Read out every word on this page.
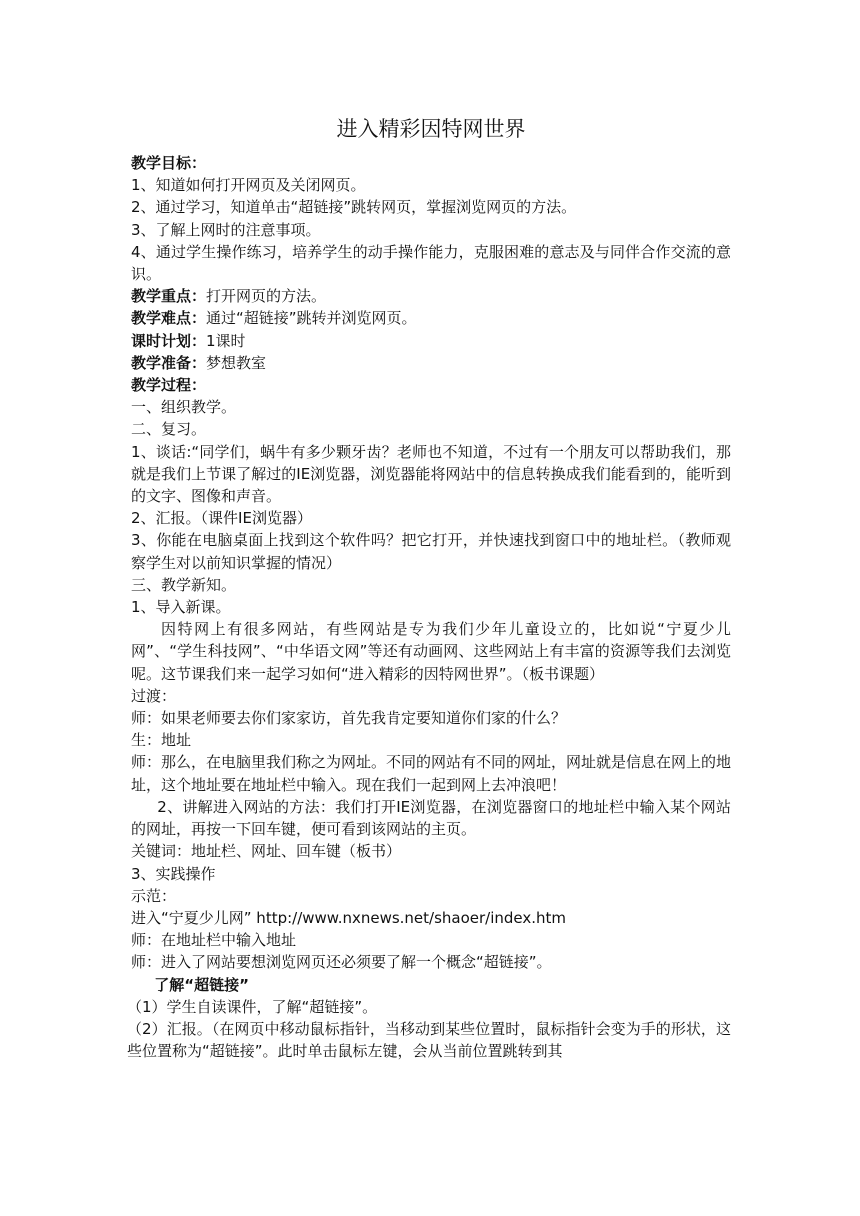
进入精彩因特网世界

教学目标：

1、知道如何打开网页及关闭网页。

2、通过学习，知道单击“超链接”跳转网页，掌握浏览网页的方法。

3、了解上网时的注意事项。

4、通过学生操作练习，培养学生的动手操作能力，克服困难的意志及与同伴合作交流的意识。

教学重点：打开网页的方法。

教学难点：通过“超链接”跳转并浏览网页。

课时计划：1课时

教学准备：梦想教室

教学过程：

一、组织教学。

二、复习。

1、谈话:“同学们，蜗牛有多少颗牙齿？老师也不知道，不过有一个朋友可以帮助我们，那就是我们上节课了解过的IE浏览器，浏览器能将网站中的信息转换成我们能看到的，能听到的文字、图像和声音。

2、汇报。（课件IE浏览器）

3、你能在电脑桌面上找到这个软件吗？把它打开，并快速找到窗口中的地址栏。（教师观察学生对以前知识掌握的情况）

三、教学新知。

1、导入新课。

因特网上有很多网站，有些网站是专为我们少年儿童设立的，比如说“宁夏少儿网”、“学生科技网”、“中华语文网”等还有动画网、这些网站上有丰富的资源等我们去浏览呢。这节课我们来一起学习如何“进入精彩的因特网世界”。（板书课题）

过渡：

师：如果老师要去你们家家访，首先我肯定要知道你们家的什么？

生：地址

师：那么，在电脑里我们称之为网址。不同的网站有不同的网址，网址就是信息在网上的地址，这个地址要在地址栏中输入。现在我们一起到网上去冲浪吧！

2、讲解进入网站的方法：我们打开IE浏览器，在浏览器窗口的地址栏中输入某个网站的网址，再按一下回车键，便可看到该网站的主页。

关键词：地址栏、网址、回车键（板书）

3、实践操作

示范：

进入“宁夏少儿网” http://www.nxnews.net/shaoer/index.htm

师：在地址栏中输入地址

师：进入了网站要想浏览网页还必须要了解一个概念“超链接”。

了解“超链接”

（1）学生自读课件，了解“超链接”。

（2）汇报。（在网页中移动鼠标指针，当移动到某些位置时，鼠标指针会变为手的形状，这些位置称为“超链接”。此时单击鼠标左键，会从当前位置跳转到其
